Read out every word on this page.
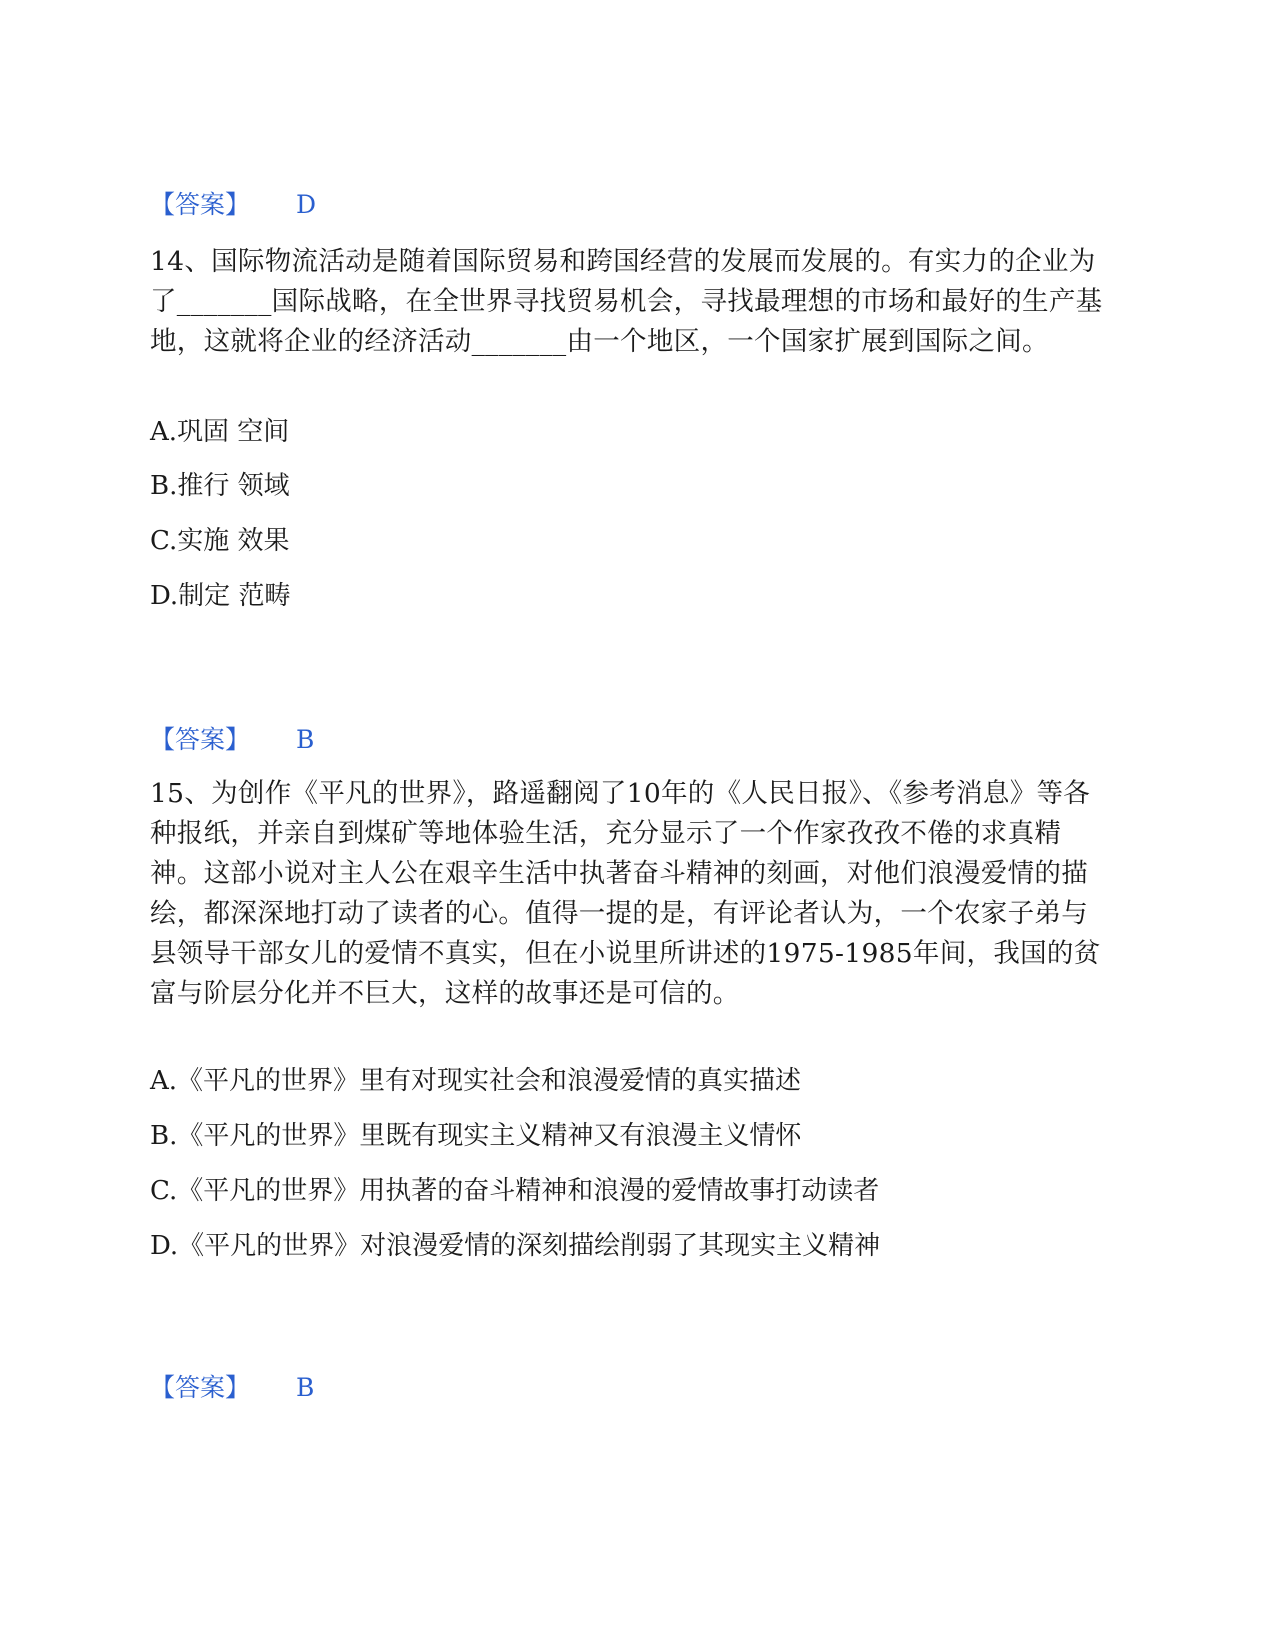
【答案】 D
14、国际物流活动是随着国际贸易和跨国经营的发展而发展的。有实力的企业为了_______国际战略，在全世界寻找贸易机会，寻找最理想的市场和最好的生产基地，这就将企业的经济活动_______由一个地区，一个国家扩展到国际之间。
A.巩固 空间
B.推行 领域
C.实施 效果
D.制定 范畴
【答案】 B
15、为创作《平凡的世界》，路遥翻阅了10年的《人民日报》、《参考消息》等各种报纸，并亲自到煤矿等地体验生活，充分显示了一个作家孜孜不倦的求真精神。这部小说对主人公在艰辛生活中执著奋斗精神的刻画，对他们浪漫爱情的描绘，都深深地打动了读者的心。值得一提的是，有评论者认为，一个农家子弟与县领导干部女儿的爱情不真实，但在小说里所讲述的1975-1985年间，我国的贫富与阶层分化并不巨大，这样的故事还是可信的。
A.《平凡的世界》里有对现实社会和浪漫爱情的真实描述
B.《平凡的世界》里既有现实主义精神又有浪漫主义情怀
C.《平凡的世界》用执著的奋斗精神和浪漫的爱情故事打动读者
D.《平凡的世界》对浪漫爱情的深刻描绘削弱了其现实主义精神
【答案】 B
